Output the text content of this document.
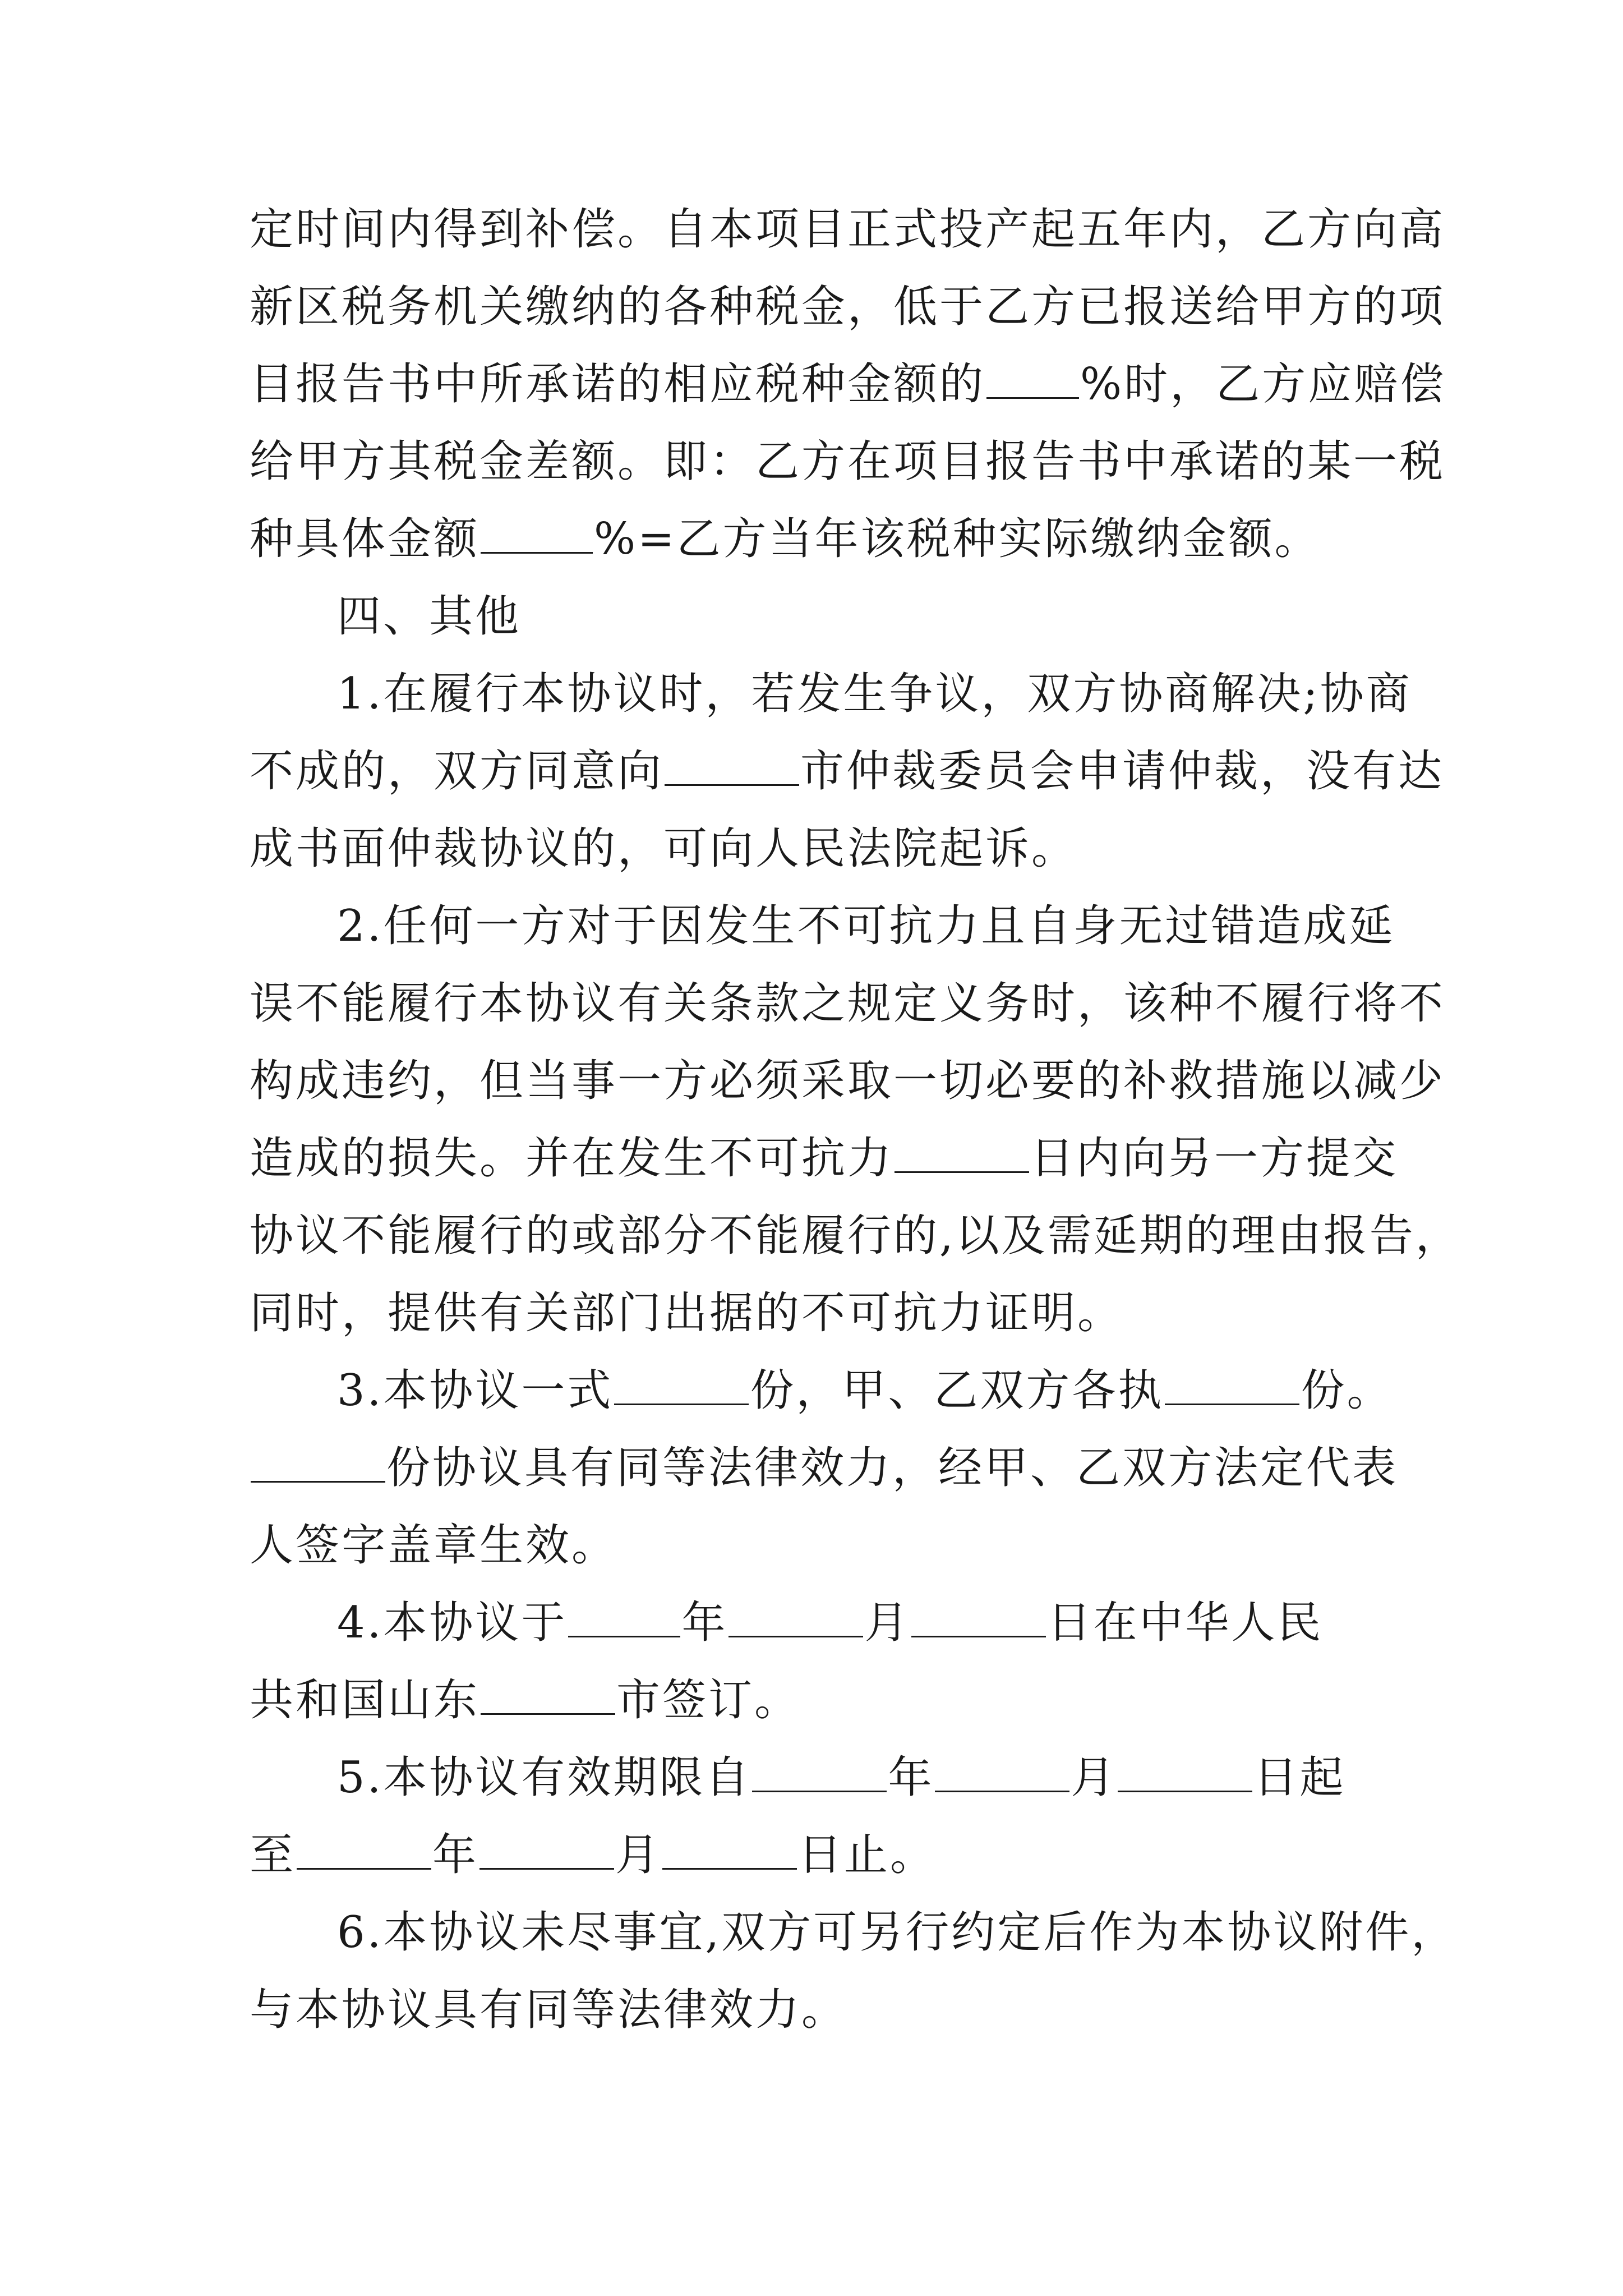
定时间内得到补偿。自本项目正式投产起五年内，乙方向高
新区税务机关缴纳的各种税金，低于乙方已报送给甲方的项
目报告书中所承诺的相应税种金额的 %时，乙方应赔偿
给甲方其税金差额。即：乙方在项目报告书中承诺的某一税
种具体金额	%=乙方当年该税种实际缴纳金额。
四、其他
1.在履行本协议时，若发生争议，双方协商解决;协商
不成的，双方同意向	市仲裁委员会申请仲裁，没有达
成书面仲裁协议的，可向人民法院起诉。
2.任何一方对于因发生不可抗力且自身无过错造成延
误不能履行本协议有关条款之规定义务时，该种不履行将不
构成违约，但当事一方必须采取一切必要的补救措施以减少
造成的损失。并在发生不可抗力	日内向另一方提交
协议不能履行的或部分不能履行的,以及需延期的理由报告，
同时，提供有关部门出据的不可抗力证明。
3.本协议一式	份，甲、乙双方各执	份。
份协议具有同等法律效力，经甲、乙双方法定代表
人签字盖章生效。
4.本协议于	年	月	日在中华人民
共和国山东	市签订。
5.本协议有效期限自	年	月	日起
至	年	月	日止。
6.本协议未尽事宜,双方可另行约定后作为本协议附件，
与本协议具有同等法律效力。
